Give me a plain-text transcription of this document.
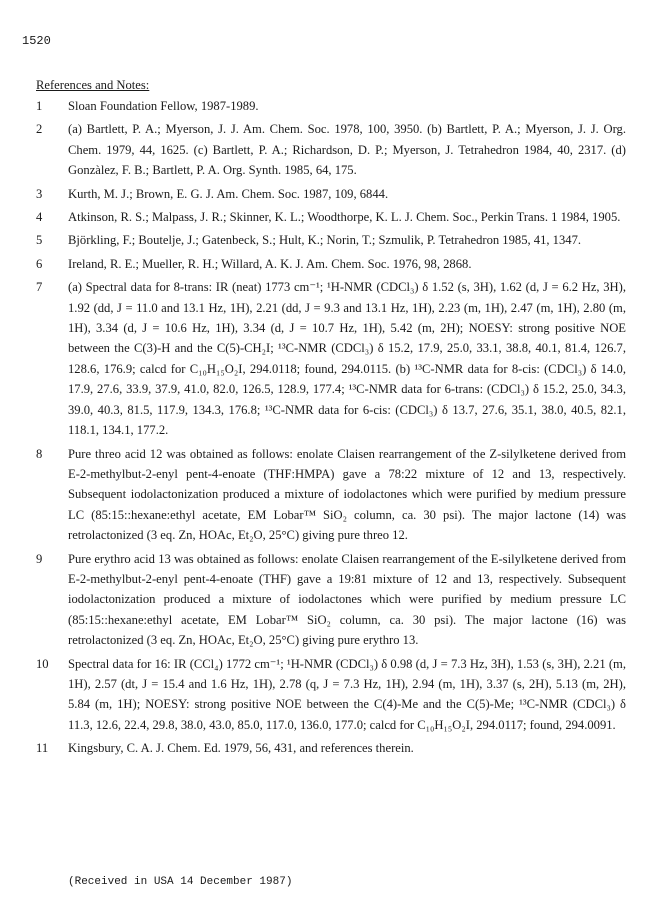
1520
References and Notes:
1	Sloan Foundation Fellow, 1987-1989.
2	(a) Bartlett, P. A.; Myerson, J. J. Am. Chem. Soc. 1978, 100, 3950. (b) Bartlett, P. A.; Myerson, J. J. Org. Chem. 1979, 44, 1625. (c) Bartlett, P. A.; Richardson, D. P.; Myerson, J. Tetrahedron 1984, 40, 2317. (d) Gonzàlez, F. B.; Bartlett, P. A. Org. Synth. 1985, 64, 175.
3	Kurth, M. J.; Brown, E. G. J. Am. Chem. Soc. 1987, 109, 6844.
4	Atkinson, R. S.; Malpass, J. R.; Skinner, K. L.; Woodthorpe, K. L. J. Chem. Soc., Perkin Trans. 1 1984, 1905.
5	Björkling, F.; Boutelje, J.; Gatenbeck, S.; Hult, K.; Norin, T.; Szmulik, P. Tetrahedron 1985, 41, 1347.
6	Ireland, R. E.; Mueller, R. H.; Willard, A. K. J. Am. Chem. Soc. 1976, 98, 2868.
7	(a) Spectral data for 8-trans: IR (neat) 1773 cm⁻¹; ¹H-NMR (CDCl₃) δ 1.52 (s, 3H), 1.62 (d, J = 6.2 Hz, 3H), 1.92 (dd, J = 11.0 and 13.1 Hz, 1H), 2.21 (dd, J = 9.3 and 13.1 Hz, 1H), 2.23 (m, 1H), 2.47 (m, 1H), 2.80 (m, 1H), 3.34 (d, J = 10.6 Hz, 1H), 3.34 (d, J = 10.7 Hz, 1H), 5.42 (m, 2H); NOESY: strong positive NOE between the C(3)-H and the C(5)-CH₂I; ¹³C-NMR (CDCl₃) δ 15.2, 17.9, 25.0, 33.1, 38.8, 40.1, 81.4, 126.7, 128.6, 176.9; calcd for C₁₀H₁₅O₂I, 294.0118; found, 294.0115. (b) ¹³C-NMR data for 8-cis: (CDCl₃) δ 14.0, 17.9, 27.6, 33.9, 37.9, 41.0, 82.0, 126.5, 128.9, 177.4; ¹³C-NMR data for 6-trans: (CDCl₃) δ 15.2, 25.0, 34.3, 39.0, 40.3, 81.5, 117.9, 134.3, 176.8; ¹³C-NMR data for 6-cis: (CDCl₃) δ 13.7, 27.6, 35.1, 38.0, 40.5, 82.1, 118.1, 134.1, 177.2.
8	Pure threo acid 12 was obtained as follows: enolate Claisen rearrangement of the Z-silylketene derived from E-2-methylbut-2-enyl pent-4-enoate (THF:HMPA) gave a 78:22 mixture of 12 and 13, respectively. Subsequent iodolactonization produced a mixture of iodolactones which were purified by medium pressure LC (85:15::hexane:ethyl acetate, EM Lobar™ SiO₂ column, ca. 30 psi). The major lactone (14) was retrolactonized (3 eq. Zn, HOAc, Et₂O, 25°C) giving pure threo 12.
9	Pure erythro acid 13 was obtained as follows: enolate Claisen rearrangement of the E-silylketene derived from E-2-methylbut-2-enyl pent-4-enoate (THF) gave a 19:81 mixture of 12 and 13, respectively. Subsequent iodolactonization produced a mixture of iodolactones which were purified by medium pressure LC (85:15::hexane:ethyl acetate, EM Lobar™ SiO₂ column, ca. 30 psi). The major lactone (16) was retrolactonized (3 eq. Zn, HOAc, Et₂O, 25°C) giving pure erythro 13.
10	Spectral data for 16: IR (CCl₄) 1772 cm⁻¹; ¹H-NMR (CDCl₃) δ 0.98 (d, J = 7.3 Hz, 3H), 1.53 (s, 3H), 2.21 (m, 1H), 2.57 (dt, J = 15.4 and 1.6 Hz, 1H), 2.78 (q, J = 7.3 Hz, 1H), 2.94 (m, 1H), 3.37 (s, 2H), 5.13 (m, 2H), 5.84 (m, 1H); NOESY: strong positive NOE between the C(4)-Me and the C(5)-Me; ¹³C-NMR (CDCl₃) δ 11.3, 12.6, 22.4, 29.8, 38.0, 43.0, 85.0, 117.0, 136.0, 177.0; calcd for C₁₀H₁₅O₂I, 294.0117; found, 294.0091.
11	Kingsbury, C. A. J. Chem. Ed. 1979, 56, 431, and references therein.
(Received in USA 14 December 1987)
